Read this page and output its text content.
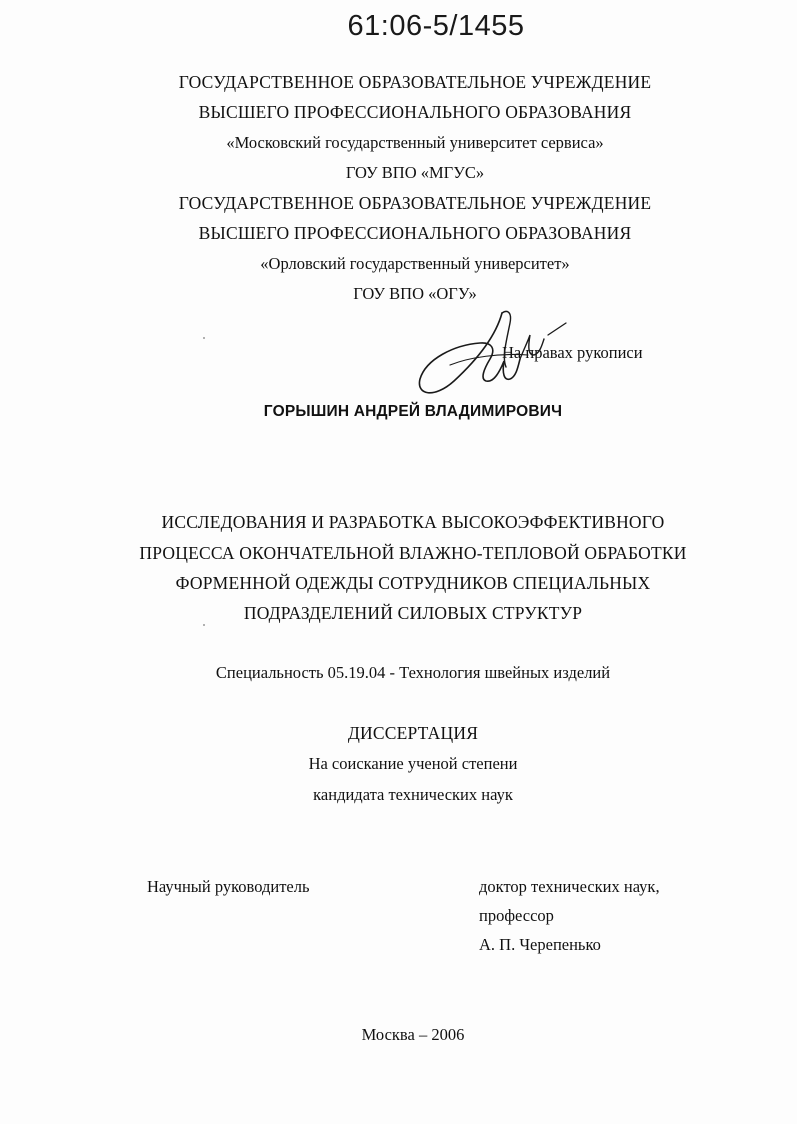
61:06-5/1455
ГОСУДАРСТВЕННОЕ ОБРАЗОВАТЕЛЬНОЕ УЧРЕЖДЕНИЕ
ВЫСШЕГО ПРОФЕССИОНАЛЬНОГО ОБРАЗОВАНИЯ
«Московский государственный университет сервиса»
ГОУ ВПО «МГУС»
ГОСУДАРСТВЕННОЕ ОБРАЗОВАТЕЛЬНОЕ УЧРЕЖДЕНИЕ
ВЫСШЕГО ПРОФЕССИОНАЛЬНОГО ОБРАЗОВАНИЯ
«Орловский государственный университет»
ГОУ ВПО «ОГУ»
На правах рукописи
ГОРЫШИН АНДРЕЙ ВЛАДИМИРОВИЧ
ИССЛЕДОВАНИЯ И РАЗРАБОТКА ВЫСОКОЭФФЕКТИВНОГО
ПРОЦЕССА ОКОНЧАТЕЛЬНОЙ ВЛАЖНО-ТЕПЛОВОЙ ОБРАБОТКИ
ФОРМЕННОЙ ОДЕЖДЫ СОТРУДНИКОВ СПЕЦИАЛЬНЫХ
ПОДРАЗДЕЛЕНИЙ СИЛОВЫХ СТРУКТУР
Специальность 05.19.04 - Технология швейных изделий
ДИССЕРТАЦИЯ
На соискание ученой степени
кандидата технических наук
Научный руководитель	доктор технических наук,
профессор
А. П. Черепенько
Москва – 2006
